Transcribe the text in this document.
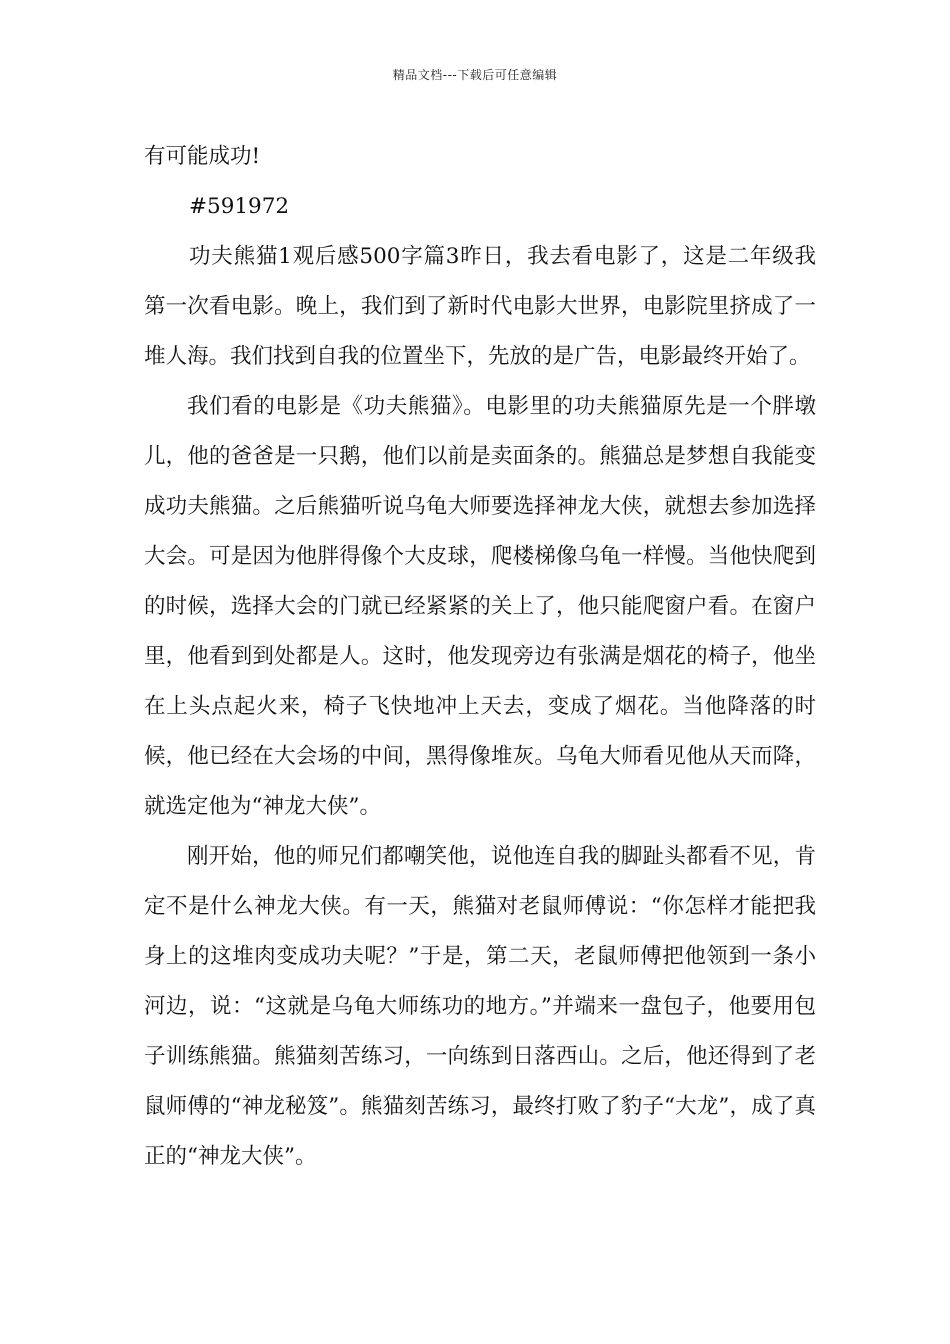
精品文档---下载后可任意编辑

有可能成功!

#591972

功夫熊猫1观后感500字篇3昨日，我去看电影了，这是二年级我第一次看电影。晚上，我们到了新时代电影大世界，电影院里挤成了一堆人海。我们找到自我的位置坐下，先放的是广告，电影最终开始了。

我们看的电影是《功夫熊猫》。电影里的功夫熊猫原先是一个胖墩儿，他的爸爸是一只鹅，他们以前是卖面条的。熊猫总是梦想自我能变成功夫熊猫。之后熊猫听说乌龟大师要选择神龙大侠，就想去参加选择大会。可是因为他胖得像个大皮球，爬楼梯像乌龟一样慢。当他快爬到的时候，选择大会的门就已经紧紧的关上了，他只能爬窗户看。在窗户里，他看到到处都是人。这时，他发现旁边有张满是烟花的椅子，他坐在上头点起火来，椅子飞快地冲上天去，变成了烟花。当他降落的时候，他已经在大会场的中间，黑得像堆灰。乌龟大师看见他从天而降，就选定他为“神龙大侠”。

刚开始，他的师兄们都嘲笑他，说他连自我的脚趾头都看不见，肯定不是什么神龙大侠。有一天，熊猫对老鼠师傅说：“你怎样才能把我身上的这堆肉变成功夫呢？”于是，第二天，老鼠师傅把他领到一条小河边，说：“这就是乌龟大师练功的地方。”并端来一盘包子，他要用包子训练熊猫。熊猫刻苦练习，一向练到日落西山。之后，他还得到了老鼠师傅的“神龙秘笈”。熊猫刻苦练习，最终打败了豹子“大龙”，成了真正的“神龙大侠”。
